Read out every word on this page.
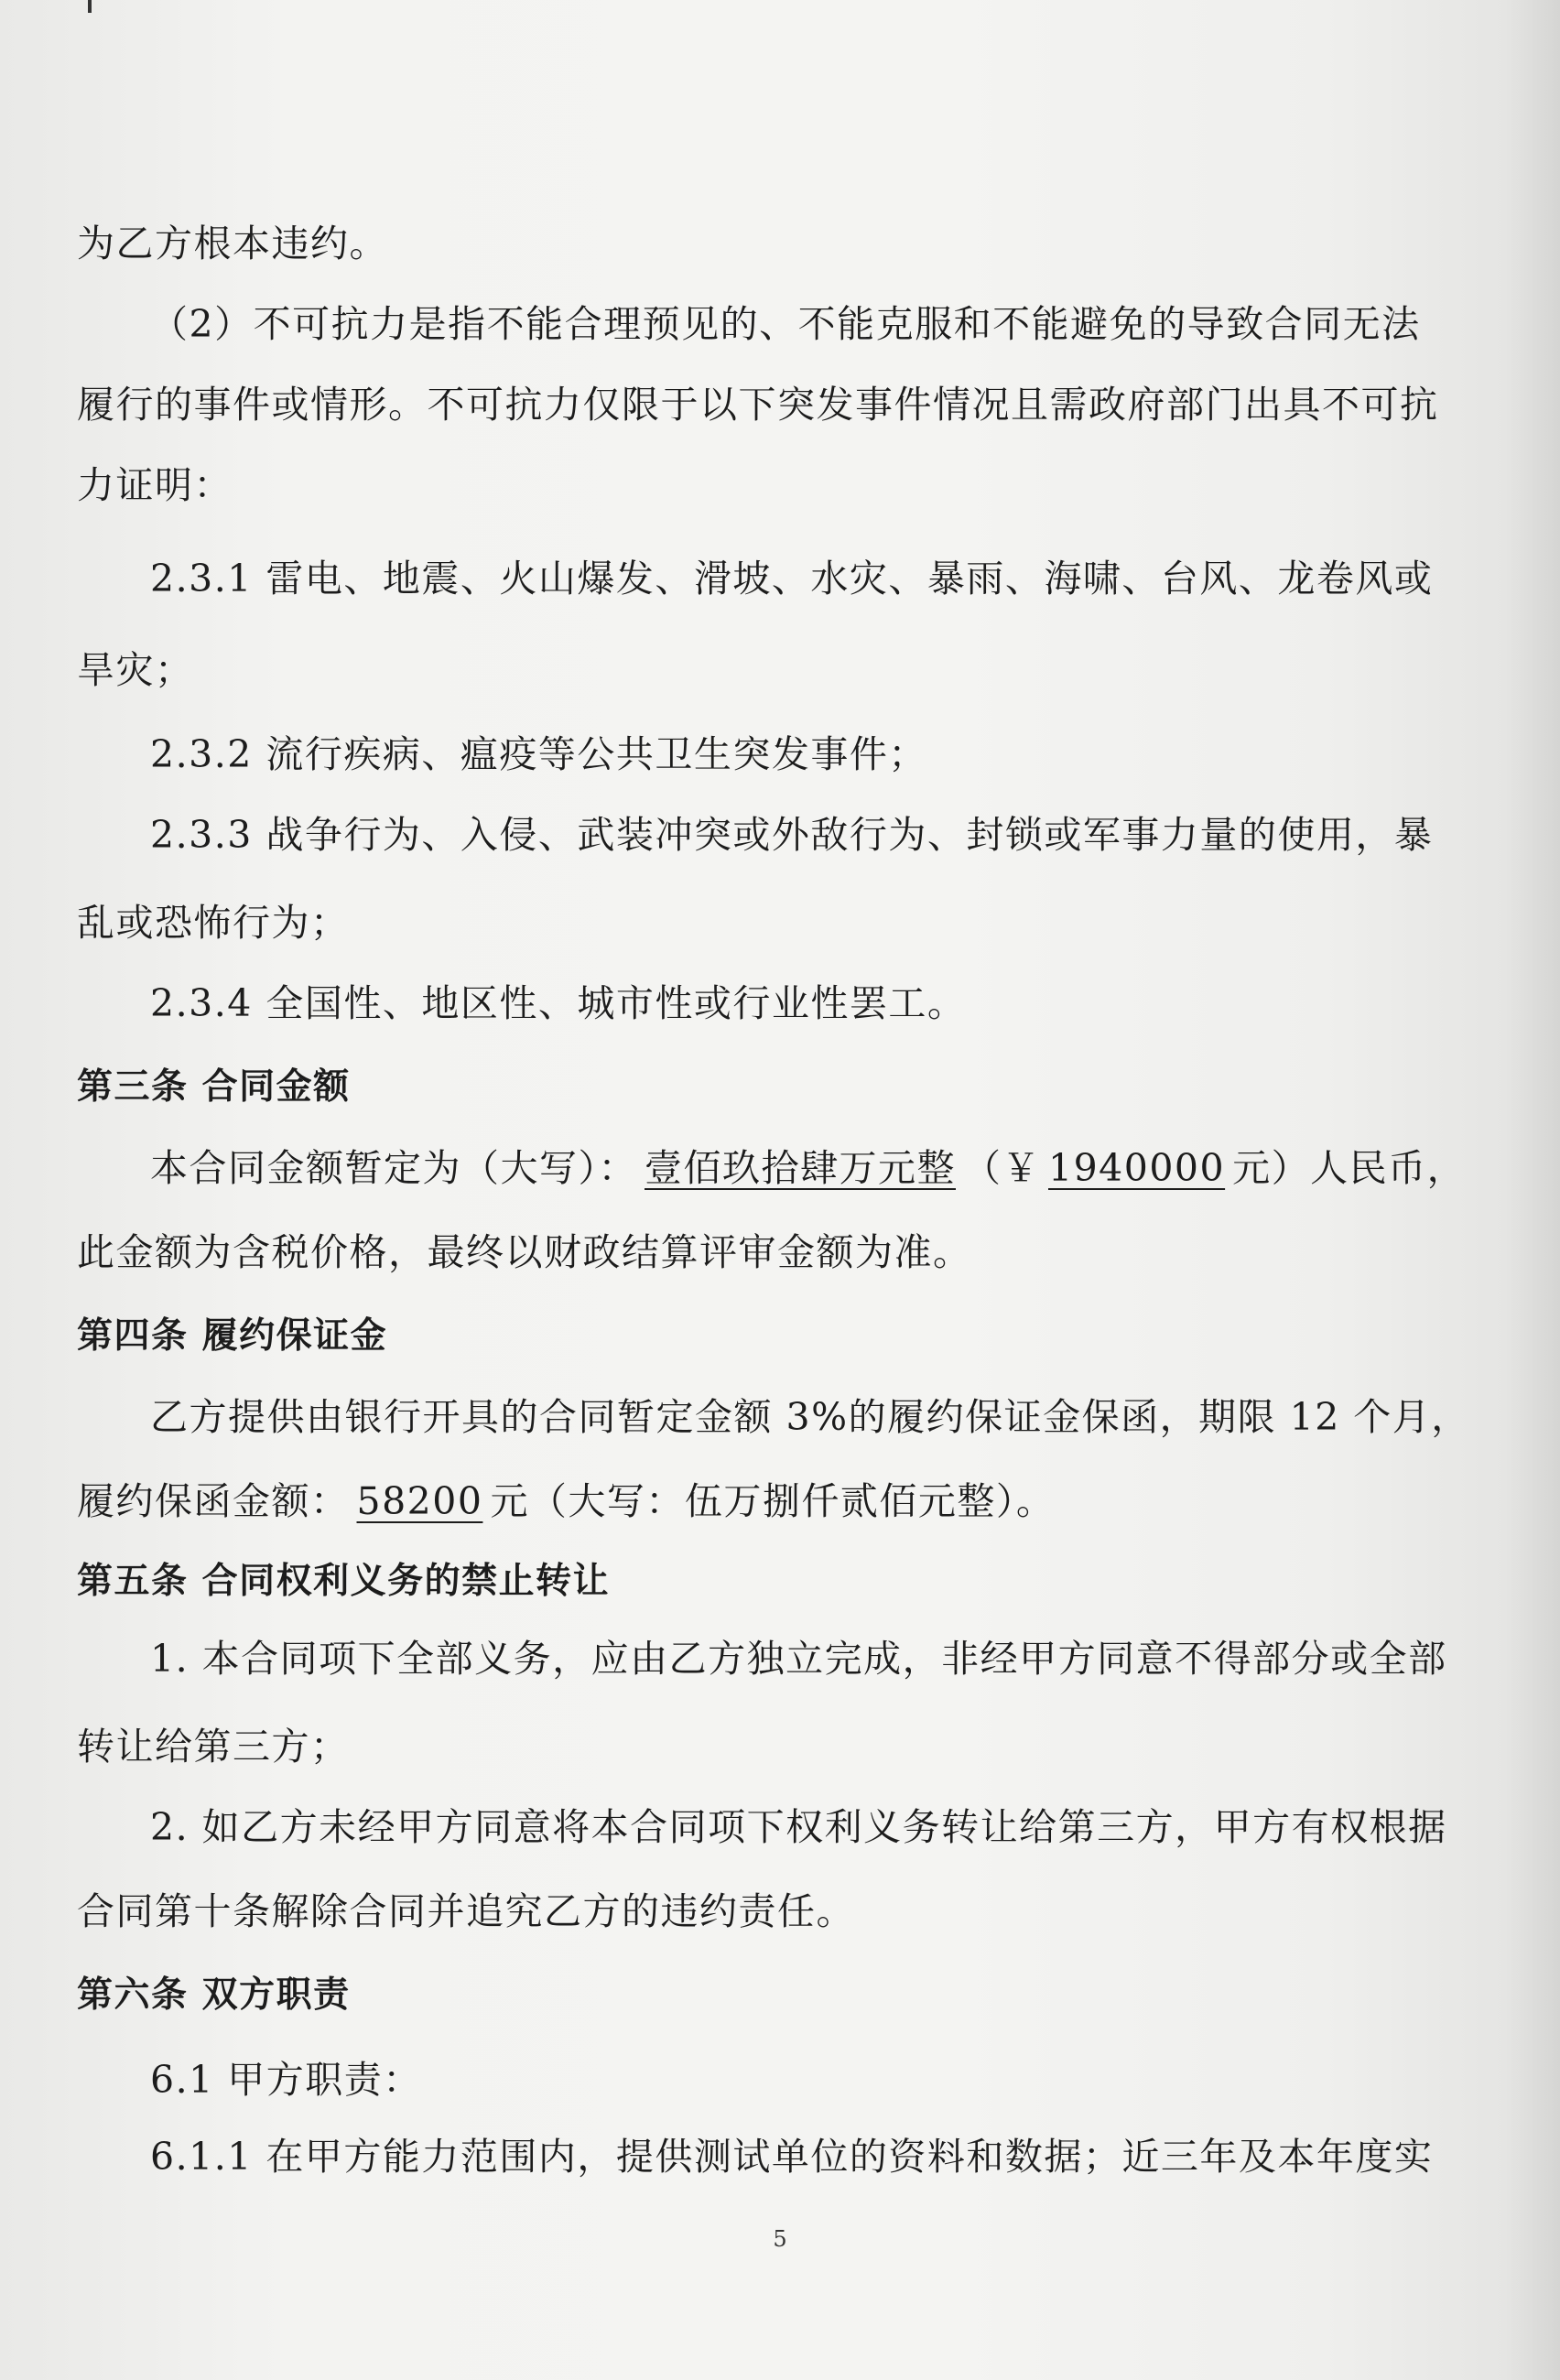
为乙方根本违约。
（2）不可抗力是指不能合理预见的、不能克服和不能避免的导致合同无法
履行的事件或情形。不可抗力仅限于以下突发事件情况且需政府部门出具不可抗
力证明：
2.3.1 雷电、地震、火山爆发、滑坡、水灾、暴雨、海啸、台风、龙卷风或
旱灾；
2.3.2 流行疾病、瘟疫等公共卫生突发事件；
2.3.3 战争行为、入侵、武装冲突或外敌行为、封锁或军事力量的使用，暴
乱或恐怖行为；
2.3.4 全国性、地区性、城市性或行业性罢工。
第三条 合同金额
本合同金额暂定为（大写）： 壹佰玖拾肆万元整 （￥ 1940000 元）人民币，
此金额为含税价格，最终以财政结算评审金额为准。
第四条 履约保证金
乙方提供由银行开具的合同暂定金额 3%的履约保证金保函，期限 12 个月，
履约保函金额： 58200 元（大写：伍万捌仟贰佰元整）。
第五条 合同权利义务的禁止转让
1. 本合同项下全部义务，应由乙方独立完成，非经甲方同意不得部分或全部
转让给第三方；
2. 如乙方未经甲方同意将本合同项下权利义务转让给第三方，甲方有权根据
合同第十条解除合同并追究乙方的违约责任。
第六条 双方职责
6.1 甲方职责：
6.1.1 在甲方能力范围内，提供测试单位的资料和数据；近三年及本年度实
5
